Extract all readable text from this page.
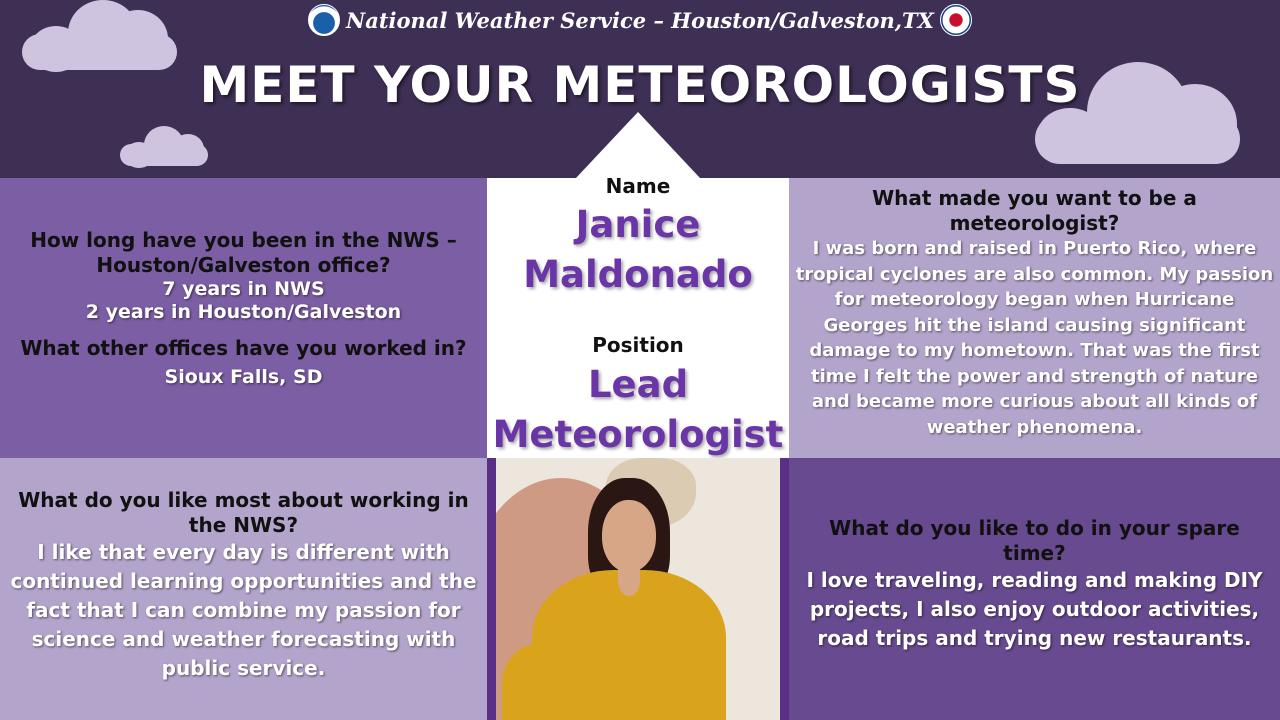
National Weather Service – Houston/Galveston,TX
MEET YOUR METEOROLOGISTS
How long have you been in the NWS –
Houston/Galveston office?
7 years in NWS
2 years in Houston/Galveston
What other offices have you worked in?
Sioux Falls, SD
Name
Janice
Maldonado
Position
Lead
Meteorologist
What made you want to be a
meteorologist?
I was born and raised in Puerto Rico, where
tropical cyclones are also common. My passion
for meteorology began when Hurricane
Georges hit the island causing significant
damage to my hometown. That was the first
time I felt the power and strength of nature
and became more curious about all kinds of
weather phenomena.
What do you like most about working in
the NWS?
I like that every day is different with
continued learning opportunities and the
fact that I can combine my passion for
science and weather forecasting with
public service.
What do you like to do in your spare
time?
I love traveling, reading and making DIY
projects, I also enjoy outdoor activities,
road trips and trying new restaurants.
